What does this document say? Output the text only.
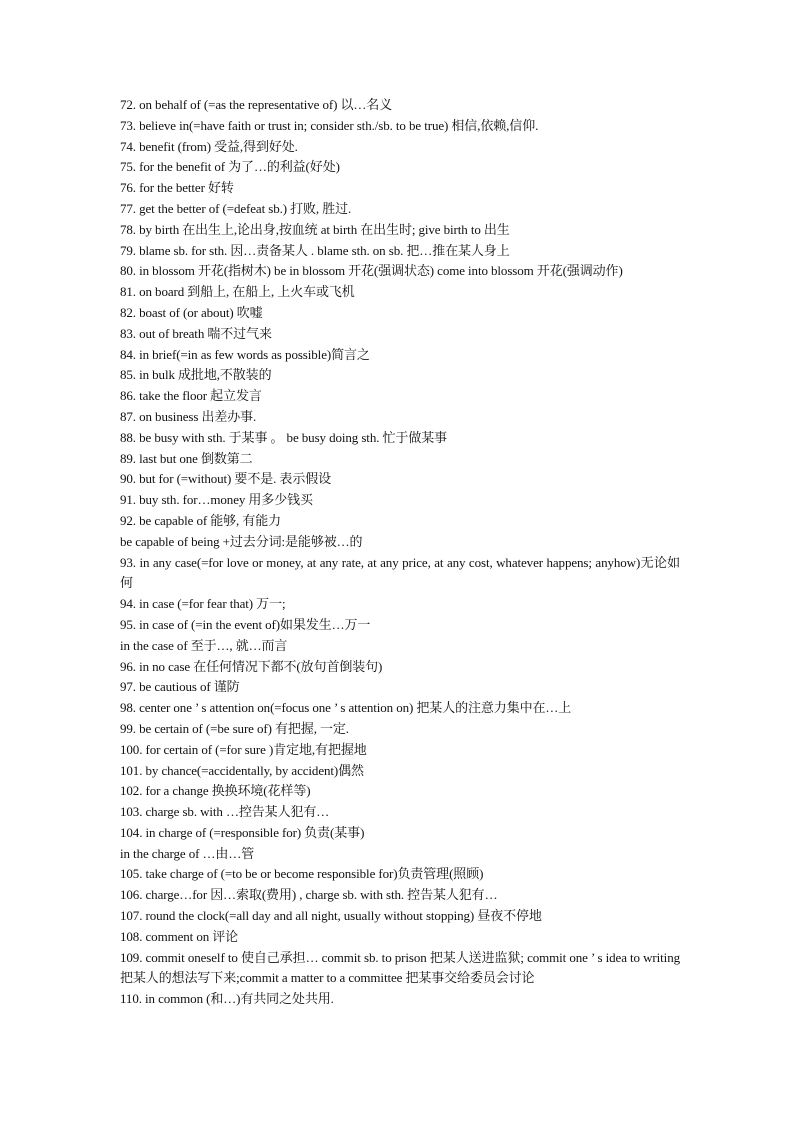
72. on behalf of (=as the representative of) 以…名义
73. believe in(=have faith or trust in; consider sth./sb. to be true) 相信,依赖,信仰.
74. benefit (from) 受益,得到好处.
75. for the benefit of 为了…的利益(好处)
76. for the better 好转
77. get the better of (=defeat sb.) 打败, 胜过.
78. by birth 在出生上,论出身,按血统 at birth 在出生时; give birth to 出生
79. blame sb. for sth. 因…责备某人 . blame sth. on sb. 把…推在某人身上
80. in blossom 开花(指树木) be in blossom 开花(强调状态) come into blossom 开花(强调动作)
81. on board 到船上, 在船上, 上火车或飞机
82. boast of (or about) 吹嘘
83. out of breath 喘不过气来
84. in brief(=in as few words as possible)简言之
85. in bulk 成批地,不散装的
86. take the floor 起立发言
87. on business 出差办事.
88. be busy with sth. 于某事 。 be busy doing sth. 忙于做某事
89. last but one 倒数第二
90. but for (=without) 要不是. 表示假设
91. buy sth. for…money 用多少钱买
92. be capable of 能够, 有能力
be capable of being +过去分词:是能够被…的
93. in any case(=for love or money, at any rate, at any price, at any cost, whatever happens; anyhow)无论如何
94. in case (=for fear that) 万一;
95. in case of (=in the event of)如果发生…万一
in the case of 至于…, 就…而言
96. in no case 在任何情况下都不(放句首倒装句)
97. be cautious of 谨防
98. center one ’ s attention on(=focus one ’ s attention on) 把某人的注意力集中在…上
99. be certain of (=be sure of) 有把握, 一定.
100. for certain of (=for sure )肯定地,有把握地
101. by chance(=accidentally, by accident)偶然
102. for a change 换换环境(花样等)
103. charge sb. with …控告某人犯有…
104. in charge of (=responsible for) 负责(某事)
in the charge of …由…管
105. take charge of (=to be or become responsible for)负责管理(照顾)
106. charge…for 因…索取(费用) , charge sb. with sth. 控告某人犯有…
107. round the clock(=all day and all night, usually without stopping) 昼夜不停地
108. comment on 评论
109. commit oneself to 使自己承担… commit sb. to prison 把某人送进监狱; commit one ’ s idea to writing 把某人的想法写下来;commit a matter to a committee 把某事交给委员会讨论
110. in common (和…)有共同之处共用.
